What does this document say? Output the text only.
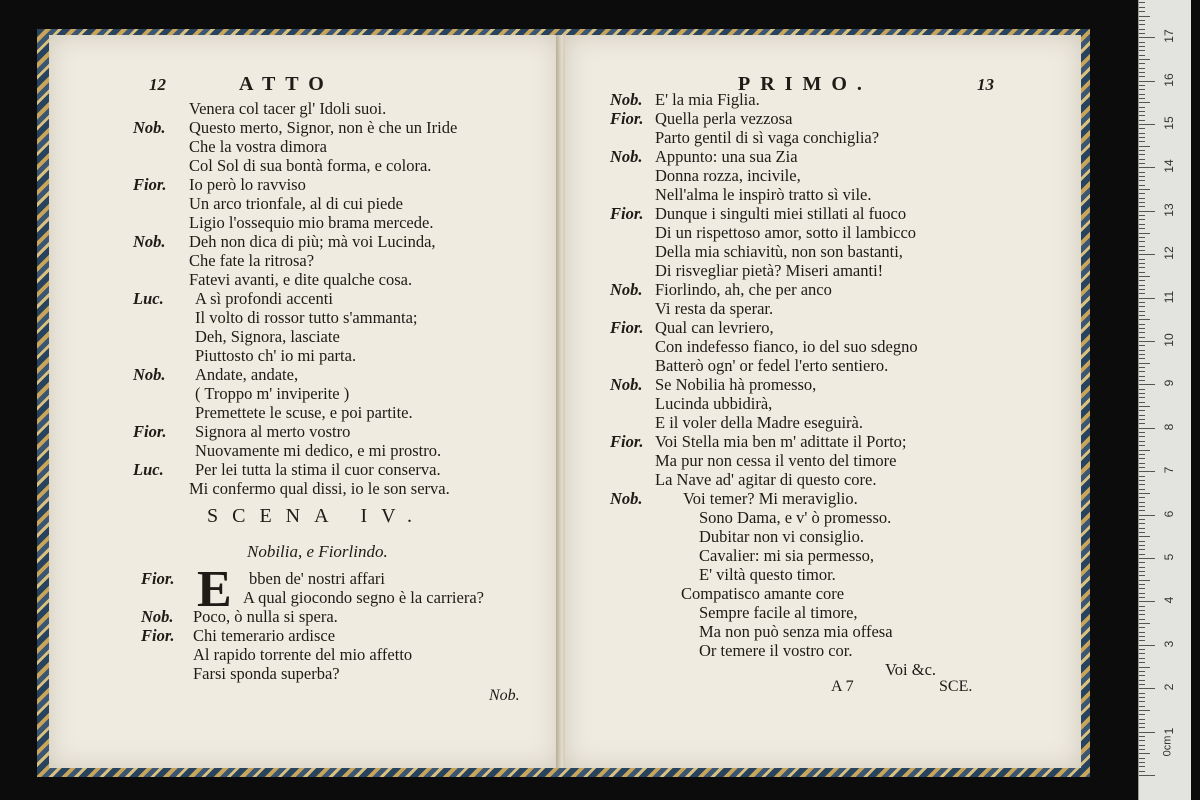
12	ATTO
Venera col tacer gl' Idoli suoi.
Nob. Questo merto, Signor, non è che un Iride
Che la vostra dimora
Col Sol di sua bontà forma, e colora.
Fior. Io però lo ravviso
Un arco trionfale, al di cui piede
Ligio l'ossequio mio brama mercede.
Nob. Deh non dica di più; mà voi Lucinda,
Che fate la ritrosa?
Fatevi avanti, e dite qualche cosa.
Luc. A sì profondi accenti
Il volto di rossor tutto s'ammanta;
Deh, Signora, lasciate
Piuttosto ch' io mi parta.
Nob. Andate, andate,
( Troppo m' inviperite )
Premettete le scuse, e poi partite.
Fior. Signora al merto vostro
Nuovamente mi dedico, e mi prostro.
Luc. Per lei tutta la stima il cuor conserva.
Mi confermo qual dissi, io le son serva.
SCENA IV.
Nobilia, e Fiorlindo.
E
Fior.	bben de' nostri affari
A qual giocondo segno è la carriera?
Nob. Poco, ò nulla si spera.
Fior. Chi temerario ardisce
Al rapido torrente del mio affetto
Farsi sponda superba?
Nob.
PRIMO.	13
Nob. E' la mia Figlia.
Fior. Quella perla vezzosa
Parto gentil di sì vaga conchiglia?
Nob. Appunto: una sua Zia
Donna rozza, incivile,
Nell'alma le inspirò tratto sì vile.
Fior. Dunque i singulti miei stillati al fuoco
Di un rispettoso amor, sotto il lambicco
Della mia schiavitù, non son bastanti,
Di risvegliar pietà? Miseri amanti!
Nob. Fiorlindo, ah, che per anco
Vi resta da sperar.
Fior. Qual can levriero,
Con indefesso fianco, io del suo sdegno
Batterò ogn' or fedel l'erto sentiero.
Nob. Se Nobilia hà promesso,
Lucinda ubbidirà,
E il voler della Madre eseguirà.
Fior. Voi Stella mia ben m' adittate il Porto;
Ma pur non cessa il vento del timore
La Nave ad' agitar di questo core.
Nob. Voi temer? Mi meraviglio.
Sono Dama, e v' ò promesso.
Dubitar non vi consiglio.
Cavalier: mi sia permesso,
E' viltà questo timor.
Compatisco amante core
Sempre facile al timore,
Ma non può senza mia offesa
Or temere il vostro cor.
Voi &c.
A 7	SCE.
0cm
1
2
3
4
5
6
7
8
9
10
11
12
13
14
15
16
17
